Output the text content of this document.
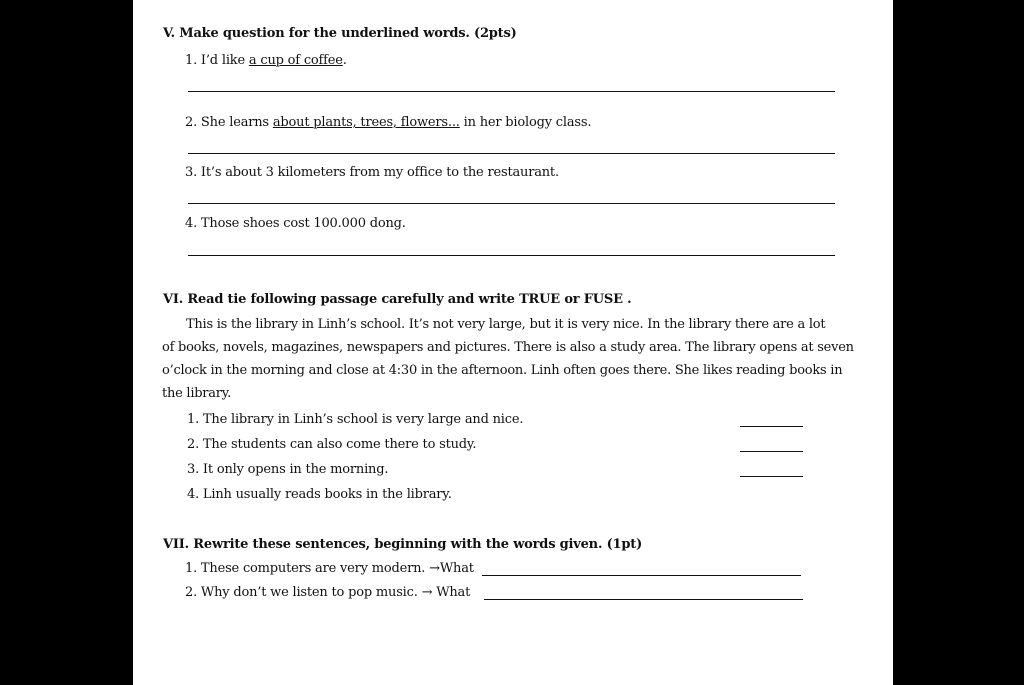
V. Make question for the underlined words. (2pts)
1. I’d like a cup of coffee.
2. She learns about plants, trees, flowers... in her biology class.
3. It’s about 3 kilometers from my office to the restaurant.
4. Those shoes cost 100.000 dong.
VI. Read tie following passage carefully and write TRUE or FUSE .
This is the library in Linh’s school. It’s not very large, but it is very nice. In the library there are a lot
of books, novels, magazines, newspapers and pictures. There is also a study area. The library opens at seven
o’clock in the morning and close at 4:30 in the afternoon. Linh often goes there. She likes reading books in
the library.
1. The library in Linh’s school is very large and nice.
2. The students can also come there to study.
3. It only opens in the morning.
4. Linh usually reads books in the library.
VII. Rewrite these sentences, beginning with the words given. (1pt)
1. These computers are very modern. →What
2. Why don’t we listen to pop music. → What
